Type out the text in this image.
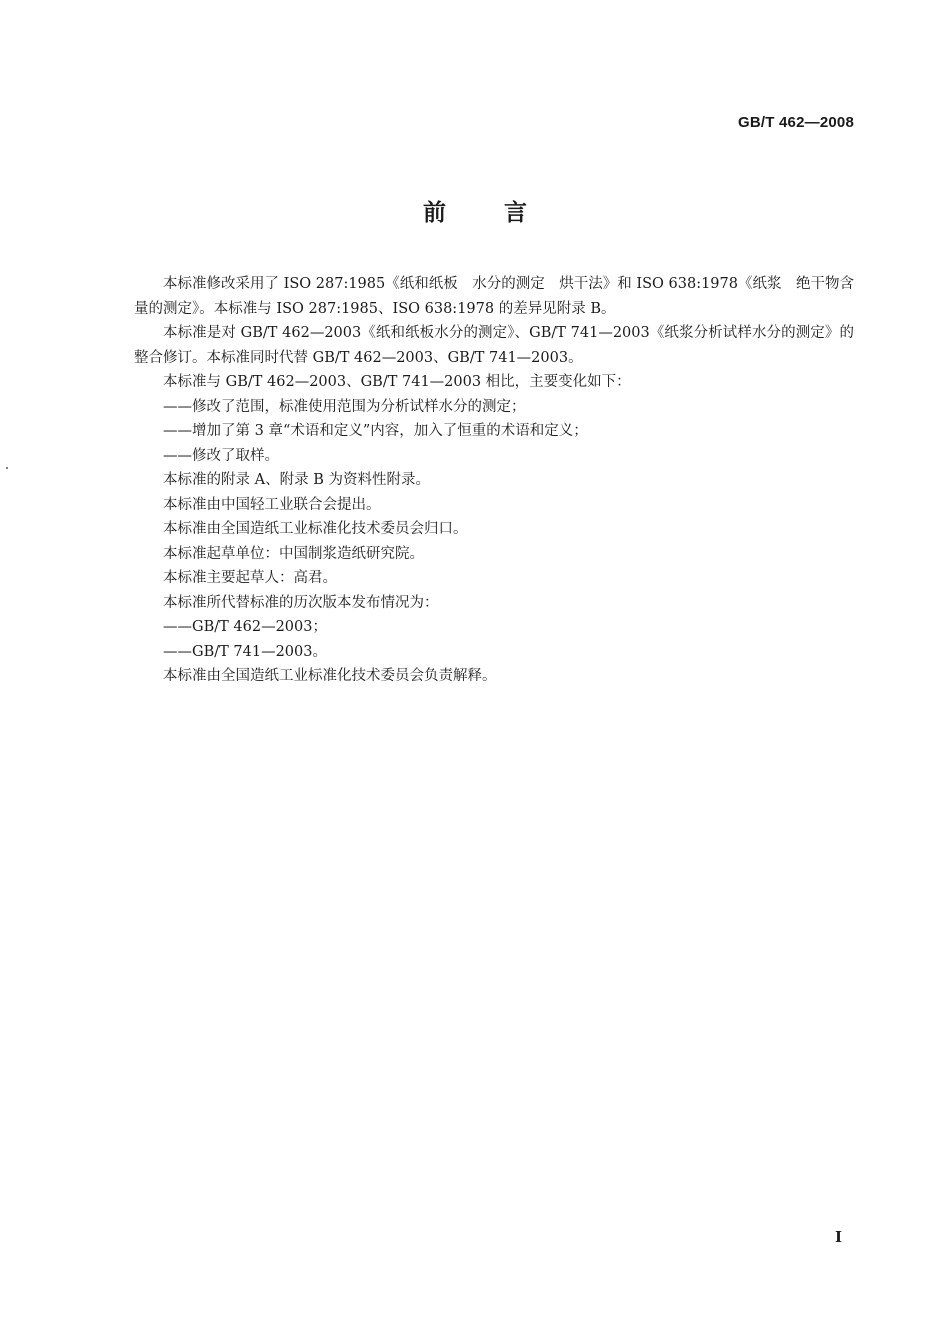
GB/T 462—2008
前言

本标准修改采用了 ISO 287:1985《纸和纸板　水分的测定　烘干法》和 ISO 638:1978《纸浆　绝干物含量的测定》。本标准与 ISO 287:1985、ISO 638:1978 的差异见附录 B。

本标准是对 GB/T 462—2003《纸和纸板水分的测定》、GB/T 741—2003《纸浆分析试样水分的测定》的整合修订。本标准同时代替 GB/T 462—2003、GB/T 741—2003。

本标准与 GB/T 462—2003、GB/T 741—2003 相比，主要变化如下：

——修改了范围，标准使用范围为分析试样水分的测定；

——增加了第 3 章“术语和定义”内容，加入了恒重的术语和定义；

——修改了取样。

本标准的附录 A、附录 B 为资料性附录。

本标准由中国轻工业联合会提出。

本标准由全国造纸工业标准化技术委员会归口。

本标准起草单位：中国制浆造纸研究院。

本标准主要起草人：高君。

本标准所代替标准的历次版本发布情况为：

——GB/T 462—2003；

——GB/T 741—2003。

本标准由全国造纸工业标准化技术委员会负责解释。

I
